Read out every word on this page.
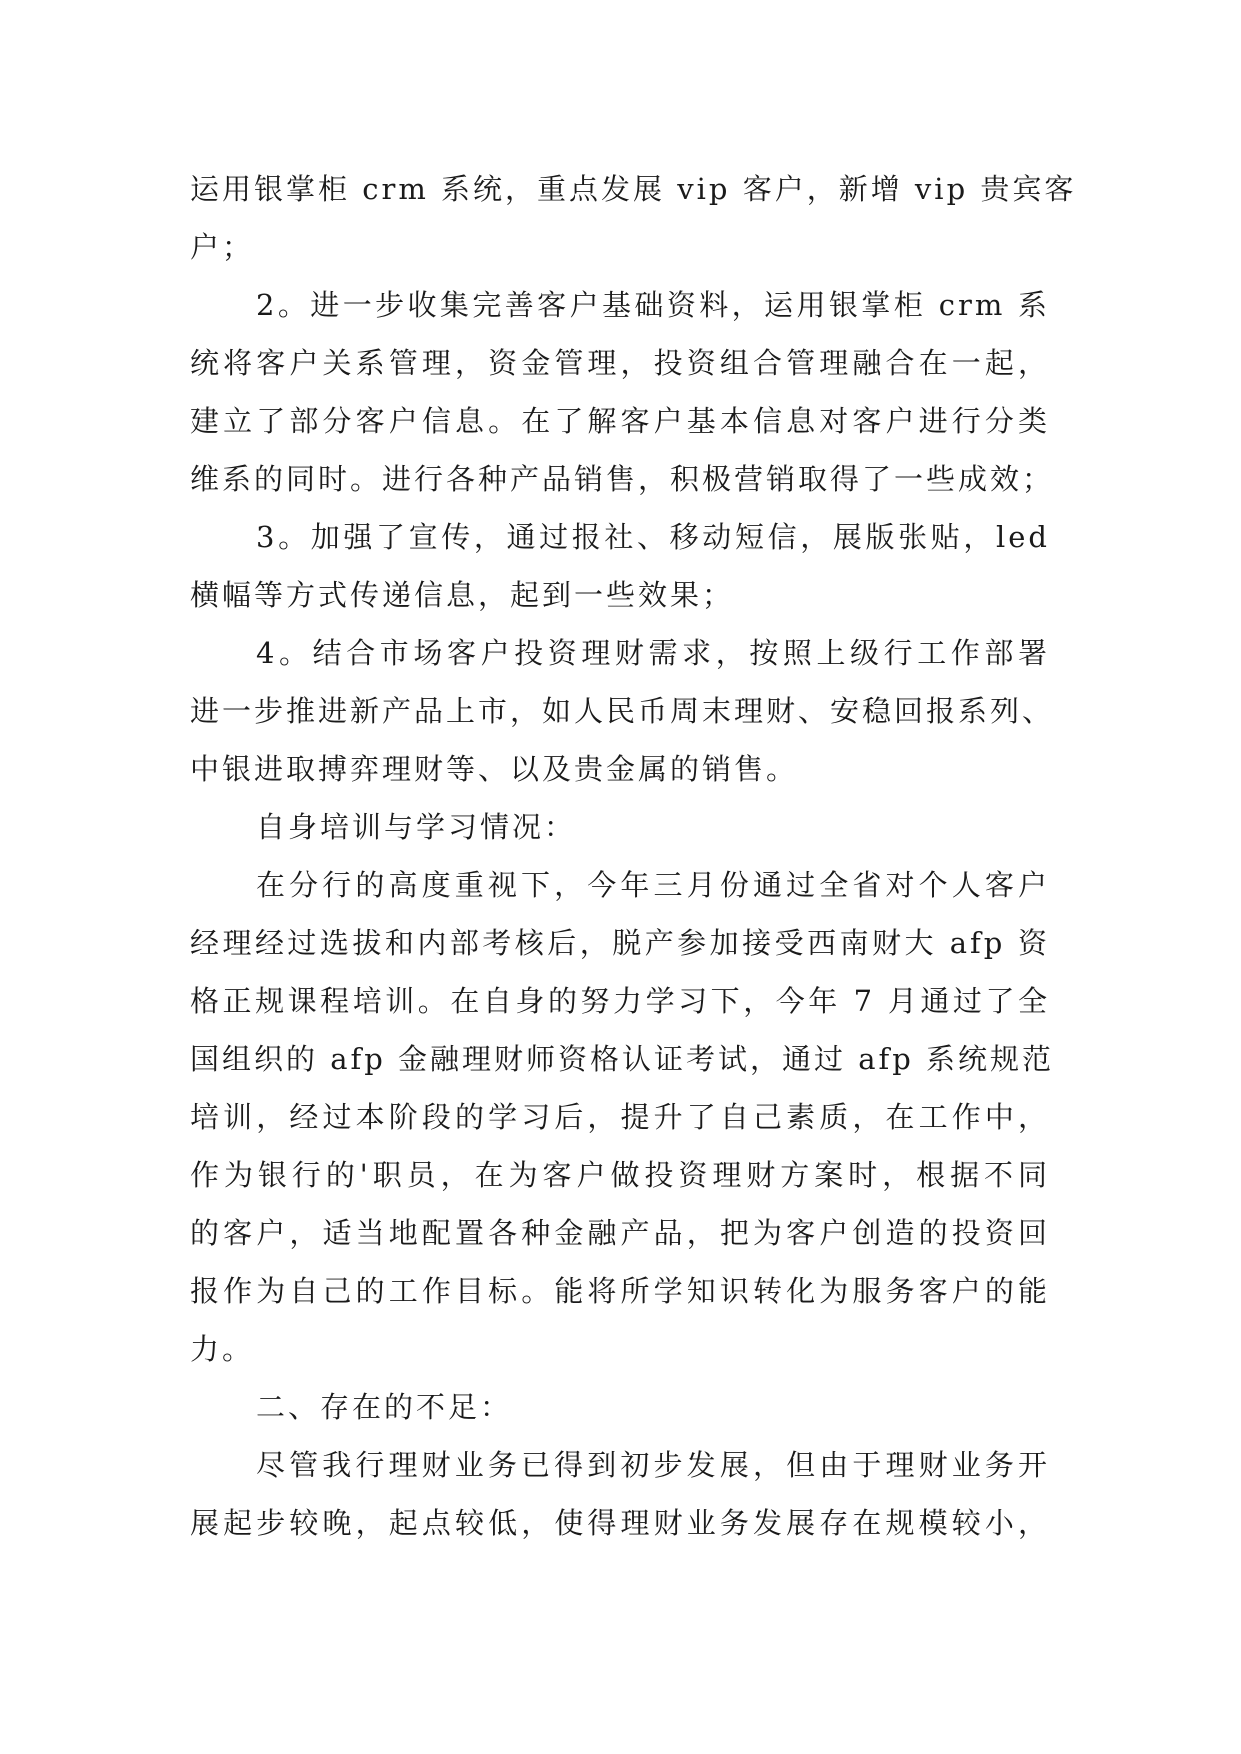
运用银掌柜 crm 系统，重点发展 vip 客户，新增 vip 贵宾客
户；
2。进一步收集完善客户基础资料，运用银掌柜 crm 系
统将客户关系管理，资金管理，投资组合管理融合在一起，
建立了部分客户信息。在了解客户基本信息对客户进行分类
维系的同时。进行各种产品销售，积极营销取得了一些成效；
3。加强了宣传，通过报社、移动短信，展版张贴，led
横幅等方式传递信息，起到一些效果；
4。结合市场客户投资理财需求，按照上级行工作部署
进一步推进新产品上市，如人民币周末理财、安稳回报系列、
中银进取搏弈理财等、以及贵金属的销售。
自身培训与学习情况：
在分行的高度重视下，今年三月份通过全省对个人客户
经理经过选拔和内部考核后，脱产参加接受西南财大 afp 资
格正规课程培训。在自身的努力学习下，今年 7 月通过了全
国组织的 afp 金融理财师资格认证考试，通过 afp 系统规范
培训，经过本阶段的学习后，提升了自己素质，在工作中，
作为银行的'职员，在为客户做投资理财方案时，根据不同
的客户，适当地配置各种金融产品，把为客户创造的投资回
报作为自己的工作目标。能将所学知识转化为服务客户的能
力。
二、存在的不足：
尽管我行理财业务已得到初步发展，但由于理财业务开
展起步较晚，起点较低，使得理财业务发展存在规模较小，
